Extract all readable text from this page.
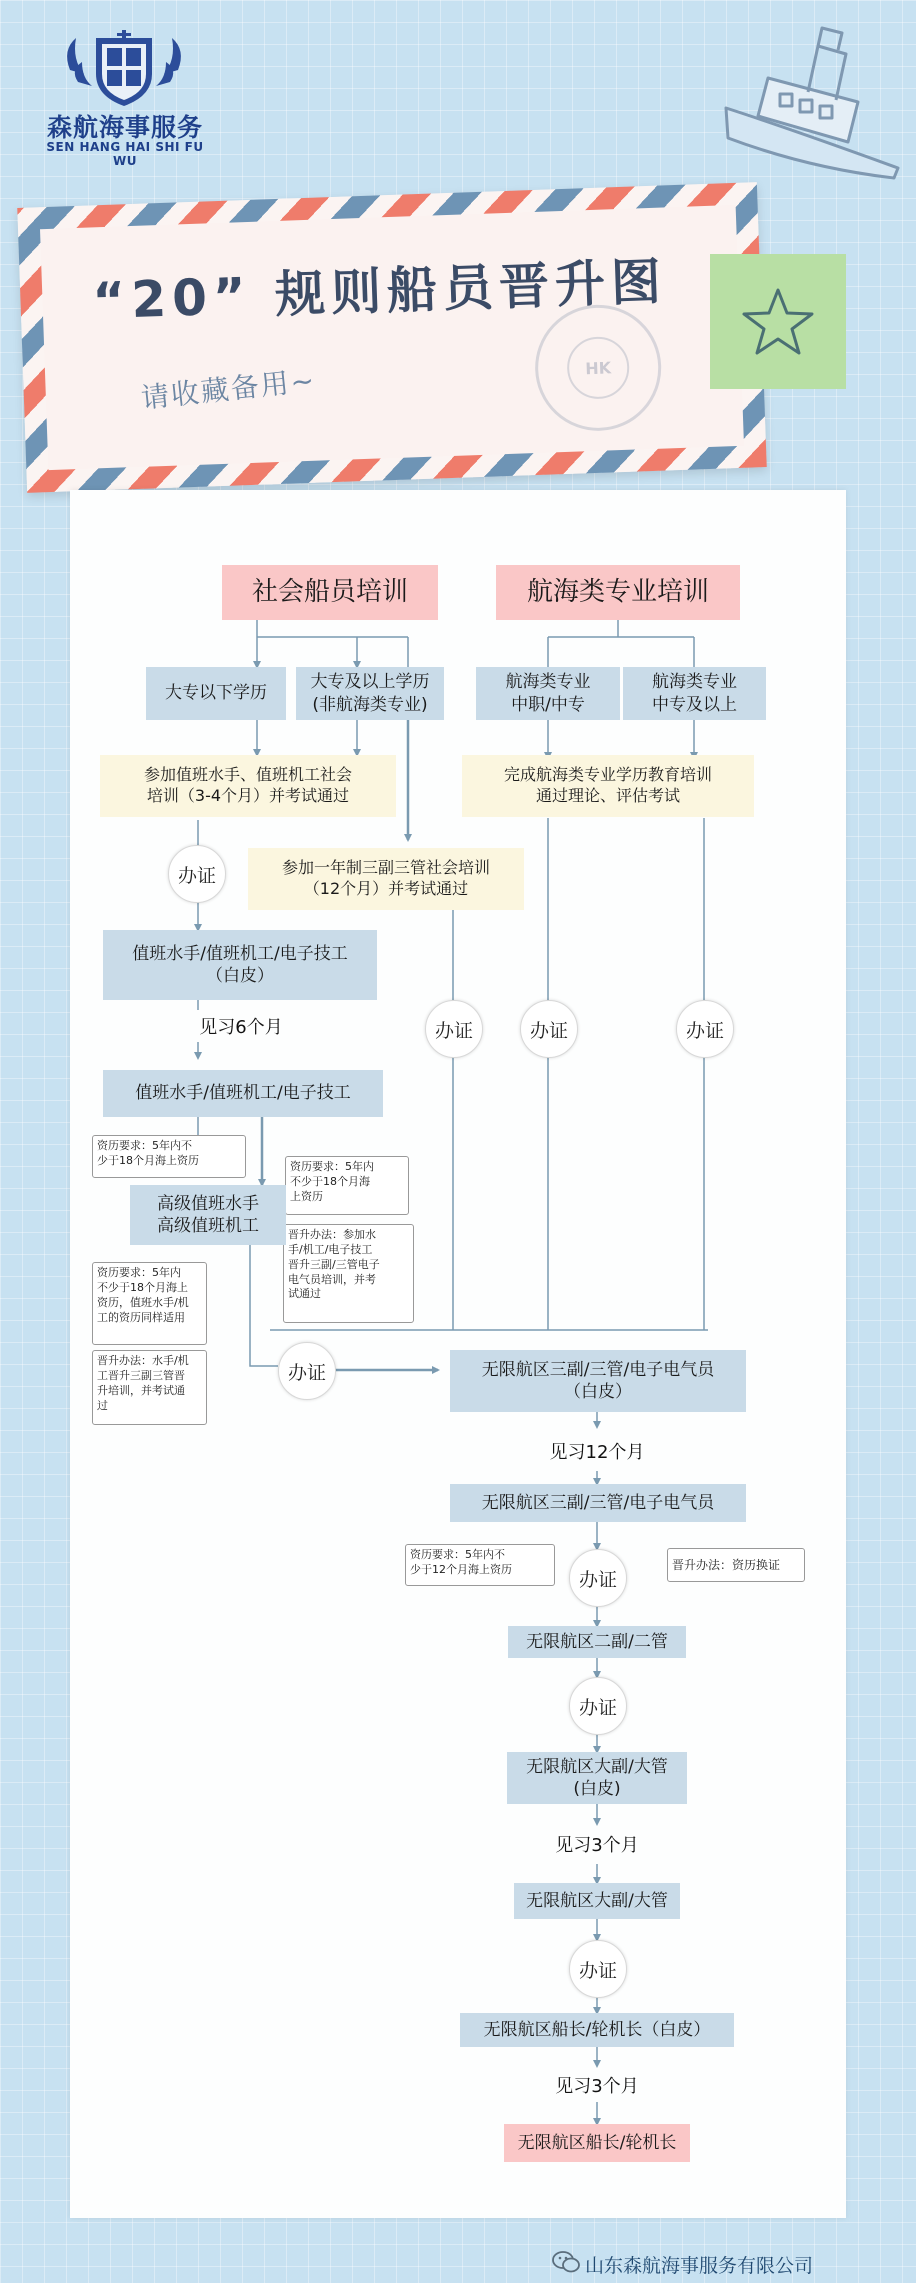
森航海事服务
SEN HANG HAI SHI FU WU
“20” 规则船员晋升图
请收藏备用~	HK
社会船员培训	航海类专业培训
大专以下学历
大专及以上学历
(非航海类专业)
航海类专业
中职/中专
航海类专业
中专及以上
参加值班水手、值班机工社会
培训（3-4个月）并考试通过
完成航海类专业学历教育培训
通过理论、评估考试
参加一年制三副三管社会培训
（12个月）并考试通过
办证
值班水手/值班机工/电子技工
（白皮）
见习6个月
值班水手/值班机工/电子技工
资历要求：5年内不
少于18个月海上资历	资历要求：5年内
不少于18个月海
上资历
晋升办法：参加水
手/机工/电子技工
晋升三副/三管电子
电气员培训，并考
试通过
高级值班水手
高级值班机工
资历要求：5年内
不少于18个月海上
资历，值班水手/机
工的资历同样适用
晋升办法：水手/机
工晋升三副三管晋
升培训，并考试通
过
办证
办证	办证	办证
无限航区三副/三管/电子电气员
（白皮）
见习12个月
无限航区三副/三管/电子电气员
资历要求：5年内不
少于12个月海上资历	办证
晋升办法：资历换证
无限航区二副/二管
办证
无限航区大副/大管
(白皮)
见习3个月
无限航区大副/大管
办证
无限航区船长/轮机长（白皮）
见习3个月
无限航区船长/轮机长
山东森航海事服务有限公司
